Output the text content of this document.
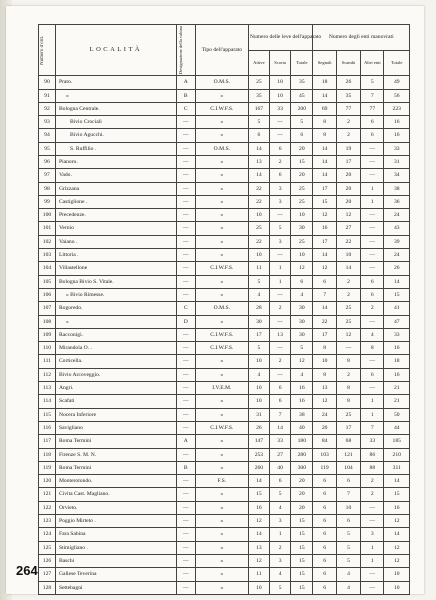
Numero d'ord.	LOCALITÀ	Designazione della cabina	Tipo dell'apparato	Numero delle leve dell'apparato			Numero degli enti manovrati			
				Attive	Scorta	Totale	Segnali	Scambi	Altri enti	Totale
90	Prato.	A	O.M.S.	25	10	35	18	26	5	49
91	»	B	»	35	10	45	14	35	7	56
92	Bologna Centrale.	C	C.I.W.F.S.	167	33	200	69	77	77	223
93	Bivio Crociali	—	»	5	—	5	8	2	6	16
94	Bivio Agucchi.	—	»	6	—	6	8	2	6	16
95	S. Ruffilio .	—	O.M.S.	14	6	20	14	19	—	33
96	Pianoro.	—	»	13	2	15	14	17	—	31
97	Vado.	—	»	14	6	20	14	20	—	34
98	Grizzana	—	»	22	3	25	17	20	1	38
99	Castiglione .	—	»	22	3	25	15	20	1	36
100	Precedenze.	—	»	10	—	10	12	12	—	24
101	Vernio	—	»	25	5	30	16	27	—	43
102	Vaiano .	—	»	22	3	25	17	22	—	39
103	Littoria .	—	»	10	—	10	14	10	—	24
104	Villastellone	—	C.I.W.F.S.	11	1	12	12	14	—	26
105	Bologna Bivio S. Vitale.	—	»	5	1	6	6	2	6	14
106	» Bivio Rimesse.	—	»	4	—	4	7	2	6	15
107	Rogoredo.	C	O.M.S.	28	2	30	14	25	2	41
108	»	D	»	30	—	30	22	25	—	47
109	Racconigi.	—	C.I.W.F.S.	17	13	30	17	12	4	33
110	Mirandola O. .	—	C.I.W.F.S.	5	—	5	8	—	8	16
111	Corticella.	—	»	10	2	12	10	8	—	18
112	Bivio Arcoveggio.	—	»	4	—	4	8	2	6	16
113	Angri.	—	I.V.E.M.	10	6	16	13	8	—	21
114	Scafati	—	»	10	6	16	12	8	1	21
115	Nocera Inferiore	—	»	31	7	38	24	25	1	50
116	Savigliano	—	C.I.W.F.S.	26	14	40	20	17	7	44
117	Roma Termini	A	»	147	33	180	84	68	33	185
118	Firenze S. M. N.	—	»	253	27	280	103	121	86	210
119	Roma Termini	B	»	260	40	300	119	104	88	311
120	Monterotondo.	—	F.S.	14	6	20	6	6	2	14
121	Civita Cast. Magliano.	—	»	15	5	20	6	7	2	15
122	Orvieto.	—	»	16	4	20	6	10	—	16
123	Poggio Mirteto .	—	»	12	3	15	6	6	—	12
124	Fara Sabina	—	»	14	1	15	6	5	3	14
125	Stimigliano .	—	»	13	2	15	6	5	1	12
126	Baschi	—	»	12	3	15	6	5	1	12
127	Gallese Teverina	—	»	11	4	15	6	4	—	10
128	Settebagni	—	»	10	5	15	6	4	—	10
264
